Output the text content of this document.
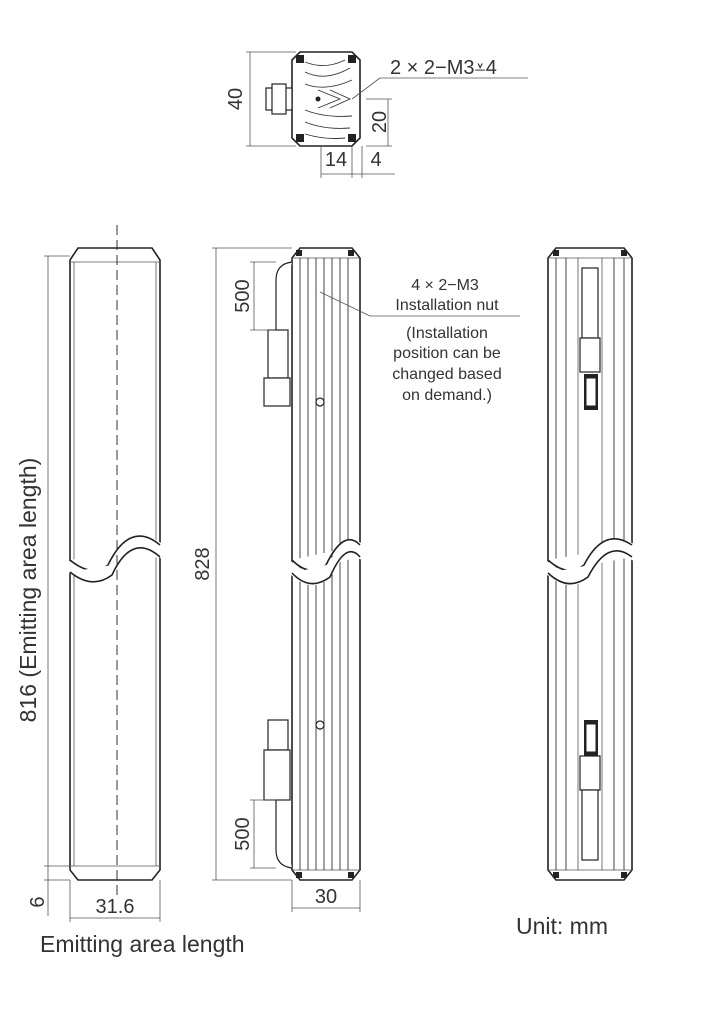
40
20
14 4
2 × 2−M3⩡4
816 (Emitting area length)
6 31.6
Emitting area length
828
500
500
30
4 × 2−M3
Installation nut
(Installation
position can be
changed based
on demand.)
Unit: mm
